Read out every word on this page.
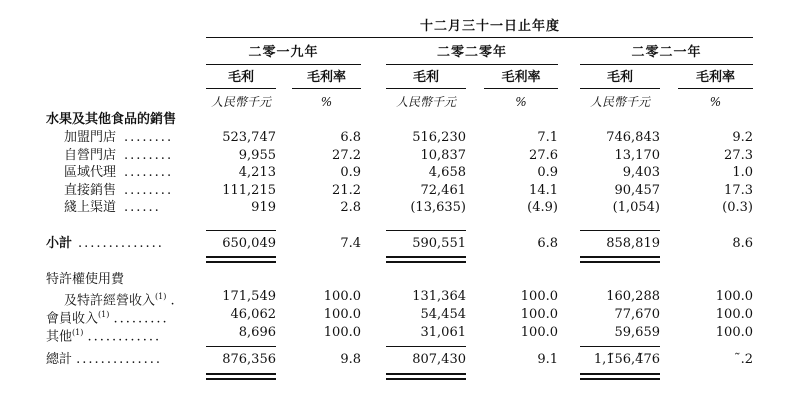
十二月三十一日止年度
二零一九年	二零二零年	二零二一年
毛利	毛利率	毛利	毛利率	毛利	毛利率
人民幣千元	%	人民幣千元	%	人民幣千元	%
水果及其他食品的銷售
加盟門店 ........	523,747	6.8	516,230	7.1	746,843	9.2
自營門店 ........	9,955	27.2	10,837	27.6	13,170	27.3
區域代理 ........	4,213	0.9	4,658	0.9	9,403	1.0
直接銷售 ........	111,215	21.2	72,461	14.1	90,457	17.3
綫上渠道 ......	919	2.8	(13,635)	(4.9)	(1,054)	(0.3)
小計 ..............	650,049	7.4	590,551	6.8	858,819	8.6
特許權使用費
及特許經營收入$^{(1)}$ .	171,549	100.0	131,364	100.0	160,288	100.0
會員收入$^{(1)}$ .........	46,062	100.0	54,454	100.0	77,670	100.0
其他$^{(1)}$ ............	8,696	100.0	31,061	100.0	59,659	100.0
總計 ..............	876,356	9.8	807,430	9.1	1,1̃56,4̃76	̃.2
